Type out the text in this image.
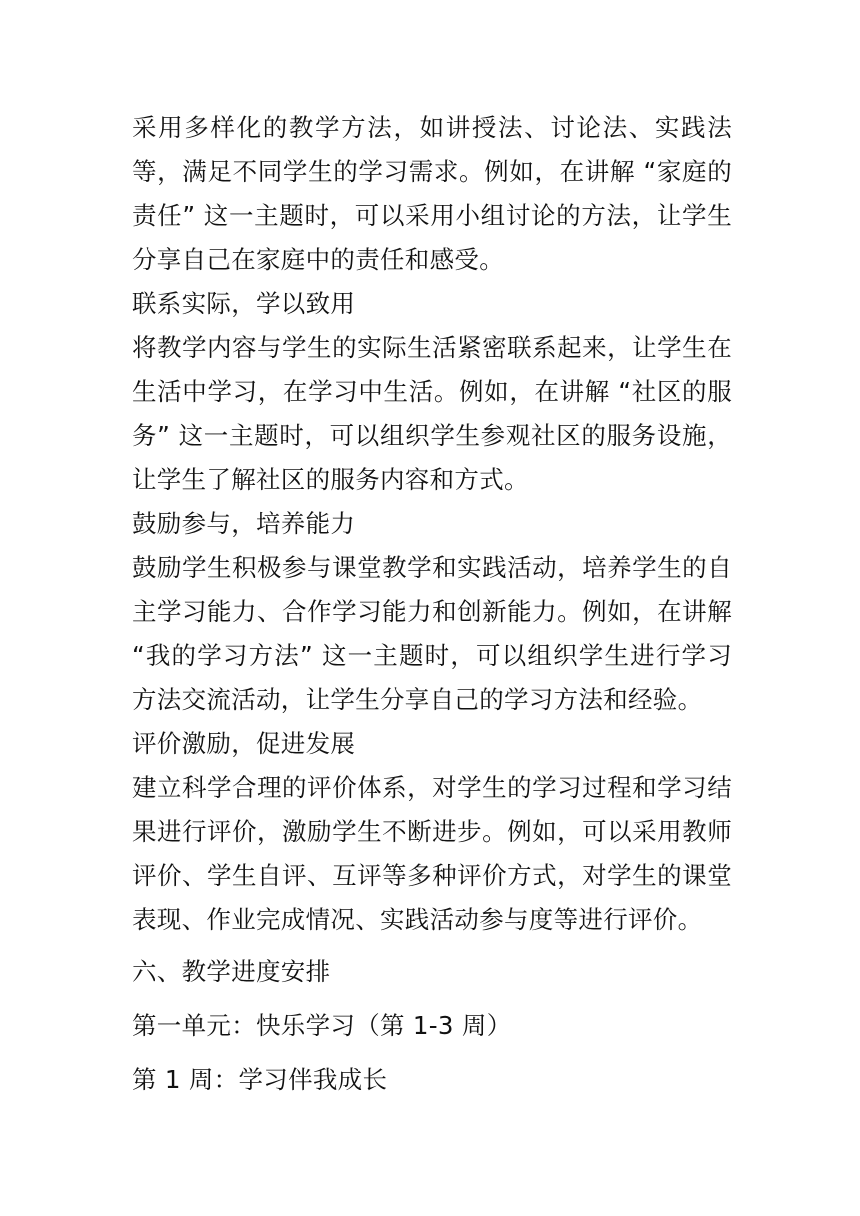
采用多样化的教学方法，如讲授法、讨论法、实践法等，满足不同学生的学习需求。例如，在讲解 “家庭的责任” 这一主题时，可以采用小组讨论的方法，让学生分享自己在家庭中的责任和感受。

联系实际，学以致用

将教学内容与学生的实际生活紧密联系起来，让学生在生活中学习，在学习中生活。例如，在讲解 “社区的服务” 这一主题时，可以组织学生参观社区的服务设施，让学生了解社区的服务内容和方式。

鼓励参与，培养能力

鼓励学生积极参与课堂教学和实践活动，培养学生的自主学习能力、合作学习能力和创新能力。例如，在讲解 “我的学习方法” 这一主题时，可以组织学生进行学习方法交流活动，让学生分享自己的学习方法和经验。

评价激励，促进发展

建立科学合理的评价体系，对学生的学习过程和学习结果进行评价，激励学生不断进步。例如，可以采用教师评价、学生自评、互评等多种评价方式，对学生的课堂表现、作业完成情况、实践活动参与度等进行评价。

六、教学进度安排

第一单元：快乐学习（第 1-3 周）

第 1 周：学习伴我成长
